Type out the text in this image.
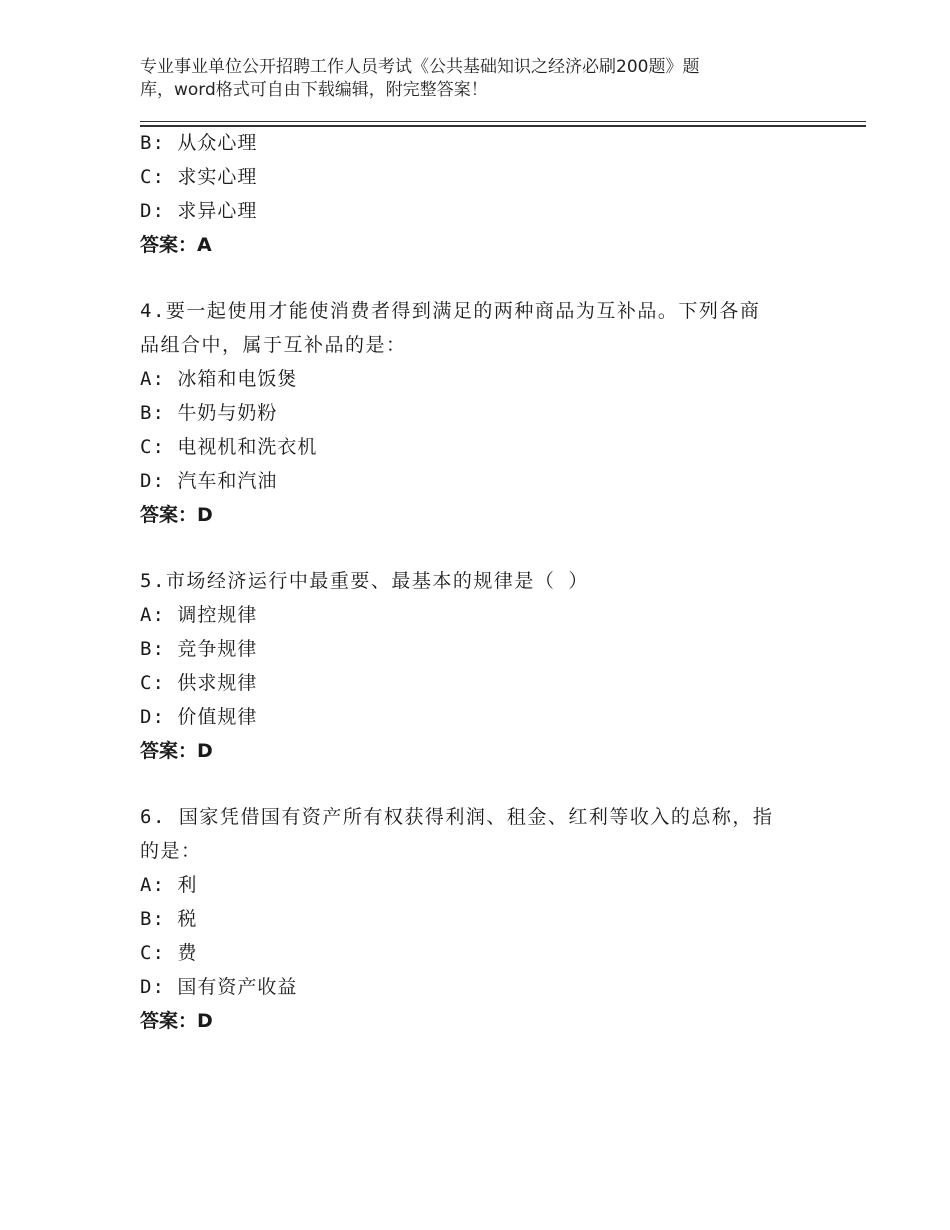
专业事业单位公开招聘工作人员考试《公共基础知识之经济必刷200题》题
库，word格式可自由下载编辑，附完整答案！
B: 从众心理
C: 求实心理
D: 求异心理
答案：A
4.要一起使用才能使消费者得到满足的两种商品为互补品。下列各商
品组合中，属于互补品的是：
A: 冰箱和电饭煲
B: 牛奶与奶粉
C: 电视机和洗衣机
D: 汽车和汽油
答案：D
5.市场经济运行中最重要、最基本的规律是（ ）
A: 调控规律
B: 竞争规律
C: 供求规律
D: 价值规律
答案：D
6. 国家凭借国有资产所有权获得利润、租金、红利等收入的总称，指
的是：
A: 利
B: 税
C: 费
D: 国有资产收益
答案：D
